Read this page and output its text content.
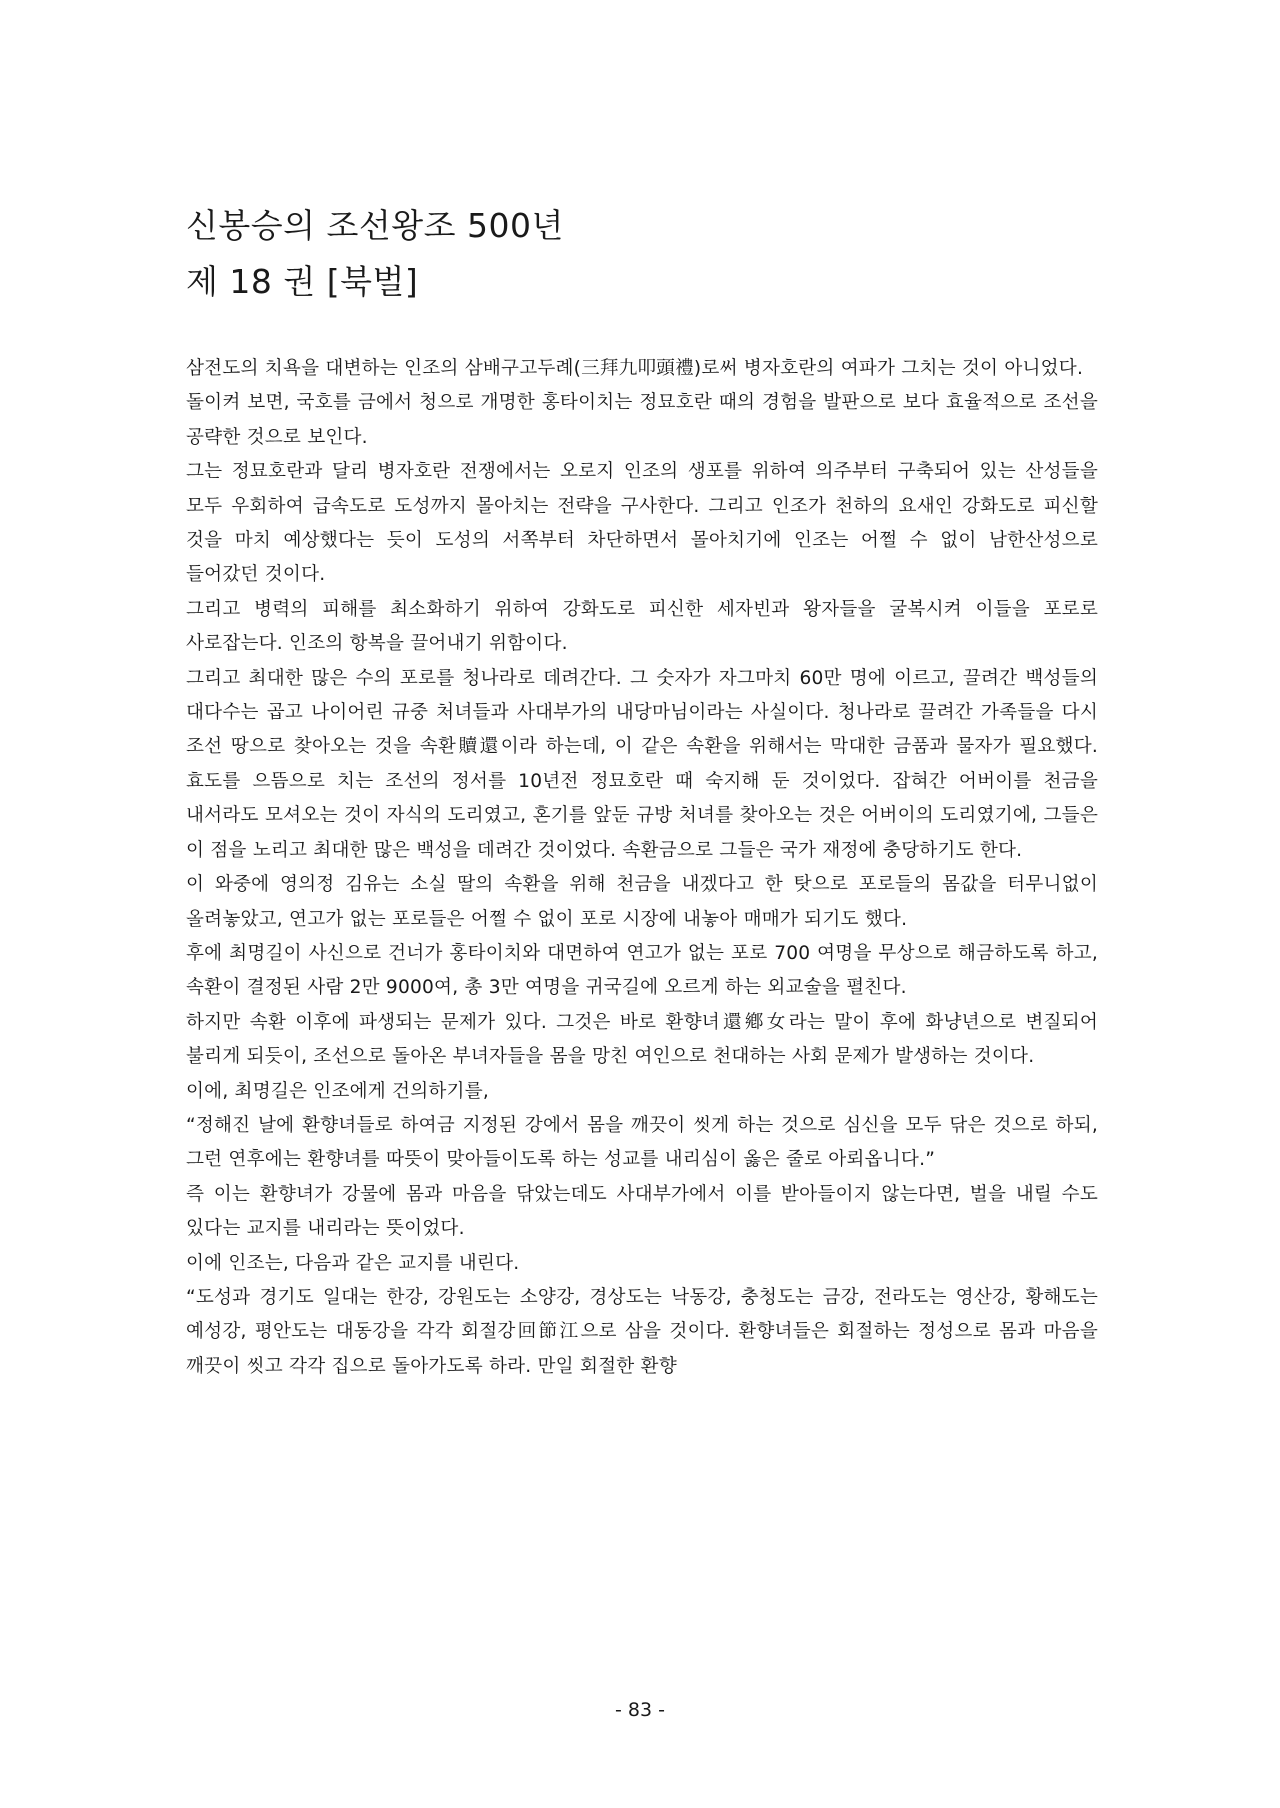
신봉승의 조선왕조 500년
제 18 권 [북벌]

삼전도의 치욕을 대변하는 인조의 삼배구고두례(三拜九叩頭禮)로써 병자호란의 여파가 그치는 것이 아니었다.

돌이켜 보면, 국호를 금에서 청으로 개명한 홍타이치는 정묘호란 때의 경험을 발판으로 보다 효율적으로 조선을 공략한 것으로 보인다.

그는 정묘호란과 달리 병자호란 전쟁에서는 오로지 인조의 생포를 위하여 의주부터 구축되어 있는 산성들을 모두 우회하여 급속도로 도성까지 몰아치는 전략을 구사한다. 그리고 인조가 천하의 요새인 강화도로 피신할 것을 마치 예상했다는 듯이 도성의 서쪽부터 차단하면서 몰아치기에 인조는 어쩔 수 없이 남한산성으로 들어갔던 것이다.

그리고 병력의 피해를 최소화하기 위하여 강화도로 피신한 세자빈과 왕자들을 굴복시켜 이들을 포로로 사로잡는다. 인조의 항복을 끌어내기 위함이다.

그리고 최대한 많은 수의 포로를 청나라로 데려간다. 그 숫자가 자그마치 60만 명에 이르고, 끌려간 백성들의 대다수는 곱고 나이어린 규중 처녀들과 사대부가의 내당마님이라는 사실이다. 청나라로 끌려간 가족들을 다시 조선 땅으로 찾아오는 것을 속환贖還이라 하는데, 이 같은 속환을 위해서는 막대한 금품과 물자가 필요했다. 효도를 으뜸으로 치는 조선의 정서를 10년전 정묘호란 때 숙지해 둔 것이었다. 잡혀간 어버이를 천금을 내서라도 모셔오는 것이 자식의 도리였고, 혼기를 앞둔 규방 처녀를 찾아오는 것은 어버이의 도리였기에, 그들은 이 점을 노리고 최대한 많은 백성을 데려간 것이었다. 속환금으로 그들은 국가 재정에 충당하기도 한다.

이 와중에 영의정 김유는 소실 딸의 속환을 위해 천금을 내겠다고 한 탓으로 포로들의 몸값을 터무니없이 올려놓았고, 연고가 없는 포로들은 어쩔 수 없이 포로 시장에 내놓아 매매가 되기도 했다.

후에 최명길이 사신으로 건너가 홍타이치와 대면하여 연고가 없는 포로 700 여명을 무상으로 해금하도록 하고, 속환이 결정된 사람 2만 9000여, 총 3만 여명을 귀국길에 오르게 하는 외교술을 펼친다.

하지만 속환 이후에 파생되는 문제가 있다. 그것은 바로 환향녀還鄕女라는 말이 후에 화냥년으로 변질되어 불리게 되듯이, 조선으로 돌아온 부녀자들을 몸을 망친 여인으로 천대하는 사회 문제가 발생하는 것이다.

이에, 최명길은 인조에게 건의하기를,

“정해진 날에 환향녀들로 하여금 지정된 강에서 몸을 깨끗이 씻게 하는 것으로 심신을 모두 닦은 것으로 하되, 그런 연후에는 환향녀를 따뜻이 맞아들이도록 하는 성교를 내리심이 옳은 줄로 아뢰옵니다.”

즉 이는 환향녀가 강물에 몸과 마음을 닦았는데도 사대부가에서 이를 받아들이지 않는다면, 벌을 내릴 수도 있다는 교지를 내리라는 뜻이었다.

이에 인조는, 다음과 같은 교지를 내린다.

“도성과 경기도 일대는 한강, 강원도는 소양강, 경상도는 낙동강, 충청도는 금강, 전라도는 영산강, 황해도는 예성강, 평안도는 대동강을 각각 회절강回節江으로 삼을 것이다. 환향녀들은 회절하는 정성으로 몸과 마음을 깨끗이 씻고 각각 집으로 돌아가도록 하라. 만일 회절한 환향

- 83 -
